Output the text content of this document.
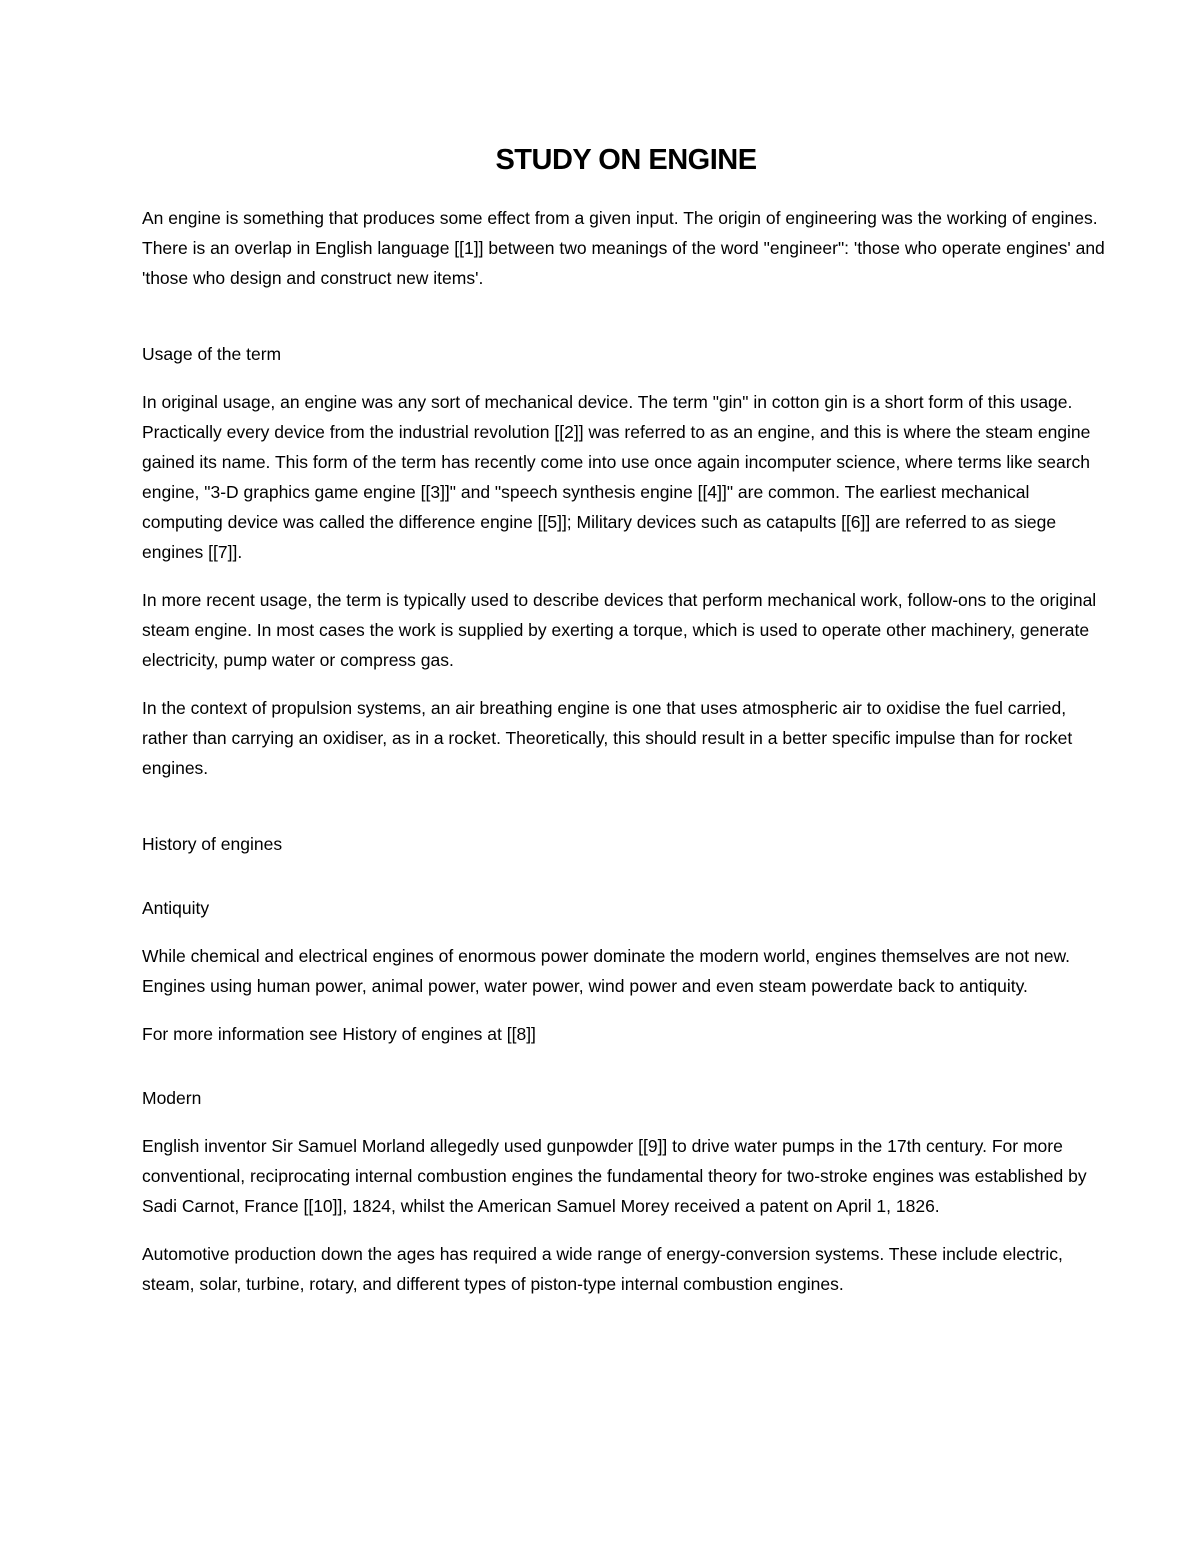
STUDY ON ENGINE

An engine is something that produces some effect from a given input. The origin of engineering was the working of engines. There is an overlap in English language [[1]] between two meanings of the word "engineer": 'those who operate engines' and 'those who design and construct new items'.

Usage of the term

In original usage, an engine was any sort of mechanical device. The term "gin" in cotton gin is a short form of this usage. Practically every device from the industrial revolution [[2]] was referred to as an engine, and this is where the steam engine gained its name. This form of the term has recently come into use once again incomputer science, where terms like search engine, "3-D graphics game engine [[3]]" and "speech synthesis engine [[4]]" are common. The earliest mechanical computing device was called the difference engine [[5]]; Military devices such as catapults [[6]] are referred to as siege engines [[7]].

In more recent usage, the term is typically used to describe devices that perform mechanical work, follow-ons to the original steam engine. In most cases the work is supplied by exerting a torque, which is used to operate other machinery, generate electricity, pump water or compress gas.

In the context of propulsion systems, an air breathing engine is one that uses atmospheric air to oxidise the fuel carried, rather than carrying an oxidiser, as in a rocket. Theoretically, this should result in a better specific impulse than for rocket engines.

History of engines
Antiquity

While chemical and electrical engines of enormous power dominate the modern world, engines themselves are not new. Engines using human power, animal power, water power, wind power and even steam powerdate back to antiquity.

For more information see History of engines at [[8]]

Modern

English inventor Sir Samuel Morland allegedly used gunpowder [[9]] to drive water pumps in the 17th century. For more conventional, reciprocating internal combustion engines the fundamental theory for two-stroke engines was established by Sadi Carnot, France [[10]], 1824, whilst the American Samuel Morey received a patent on April 1, 1826.

Automotive production down the ages has required a wide range of energy-conversion systems. These include electric, steam, solar, turbine, rotary, and different types of piston-type internal combustion engines.
